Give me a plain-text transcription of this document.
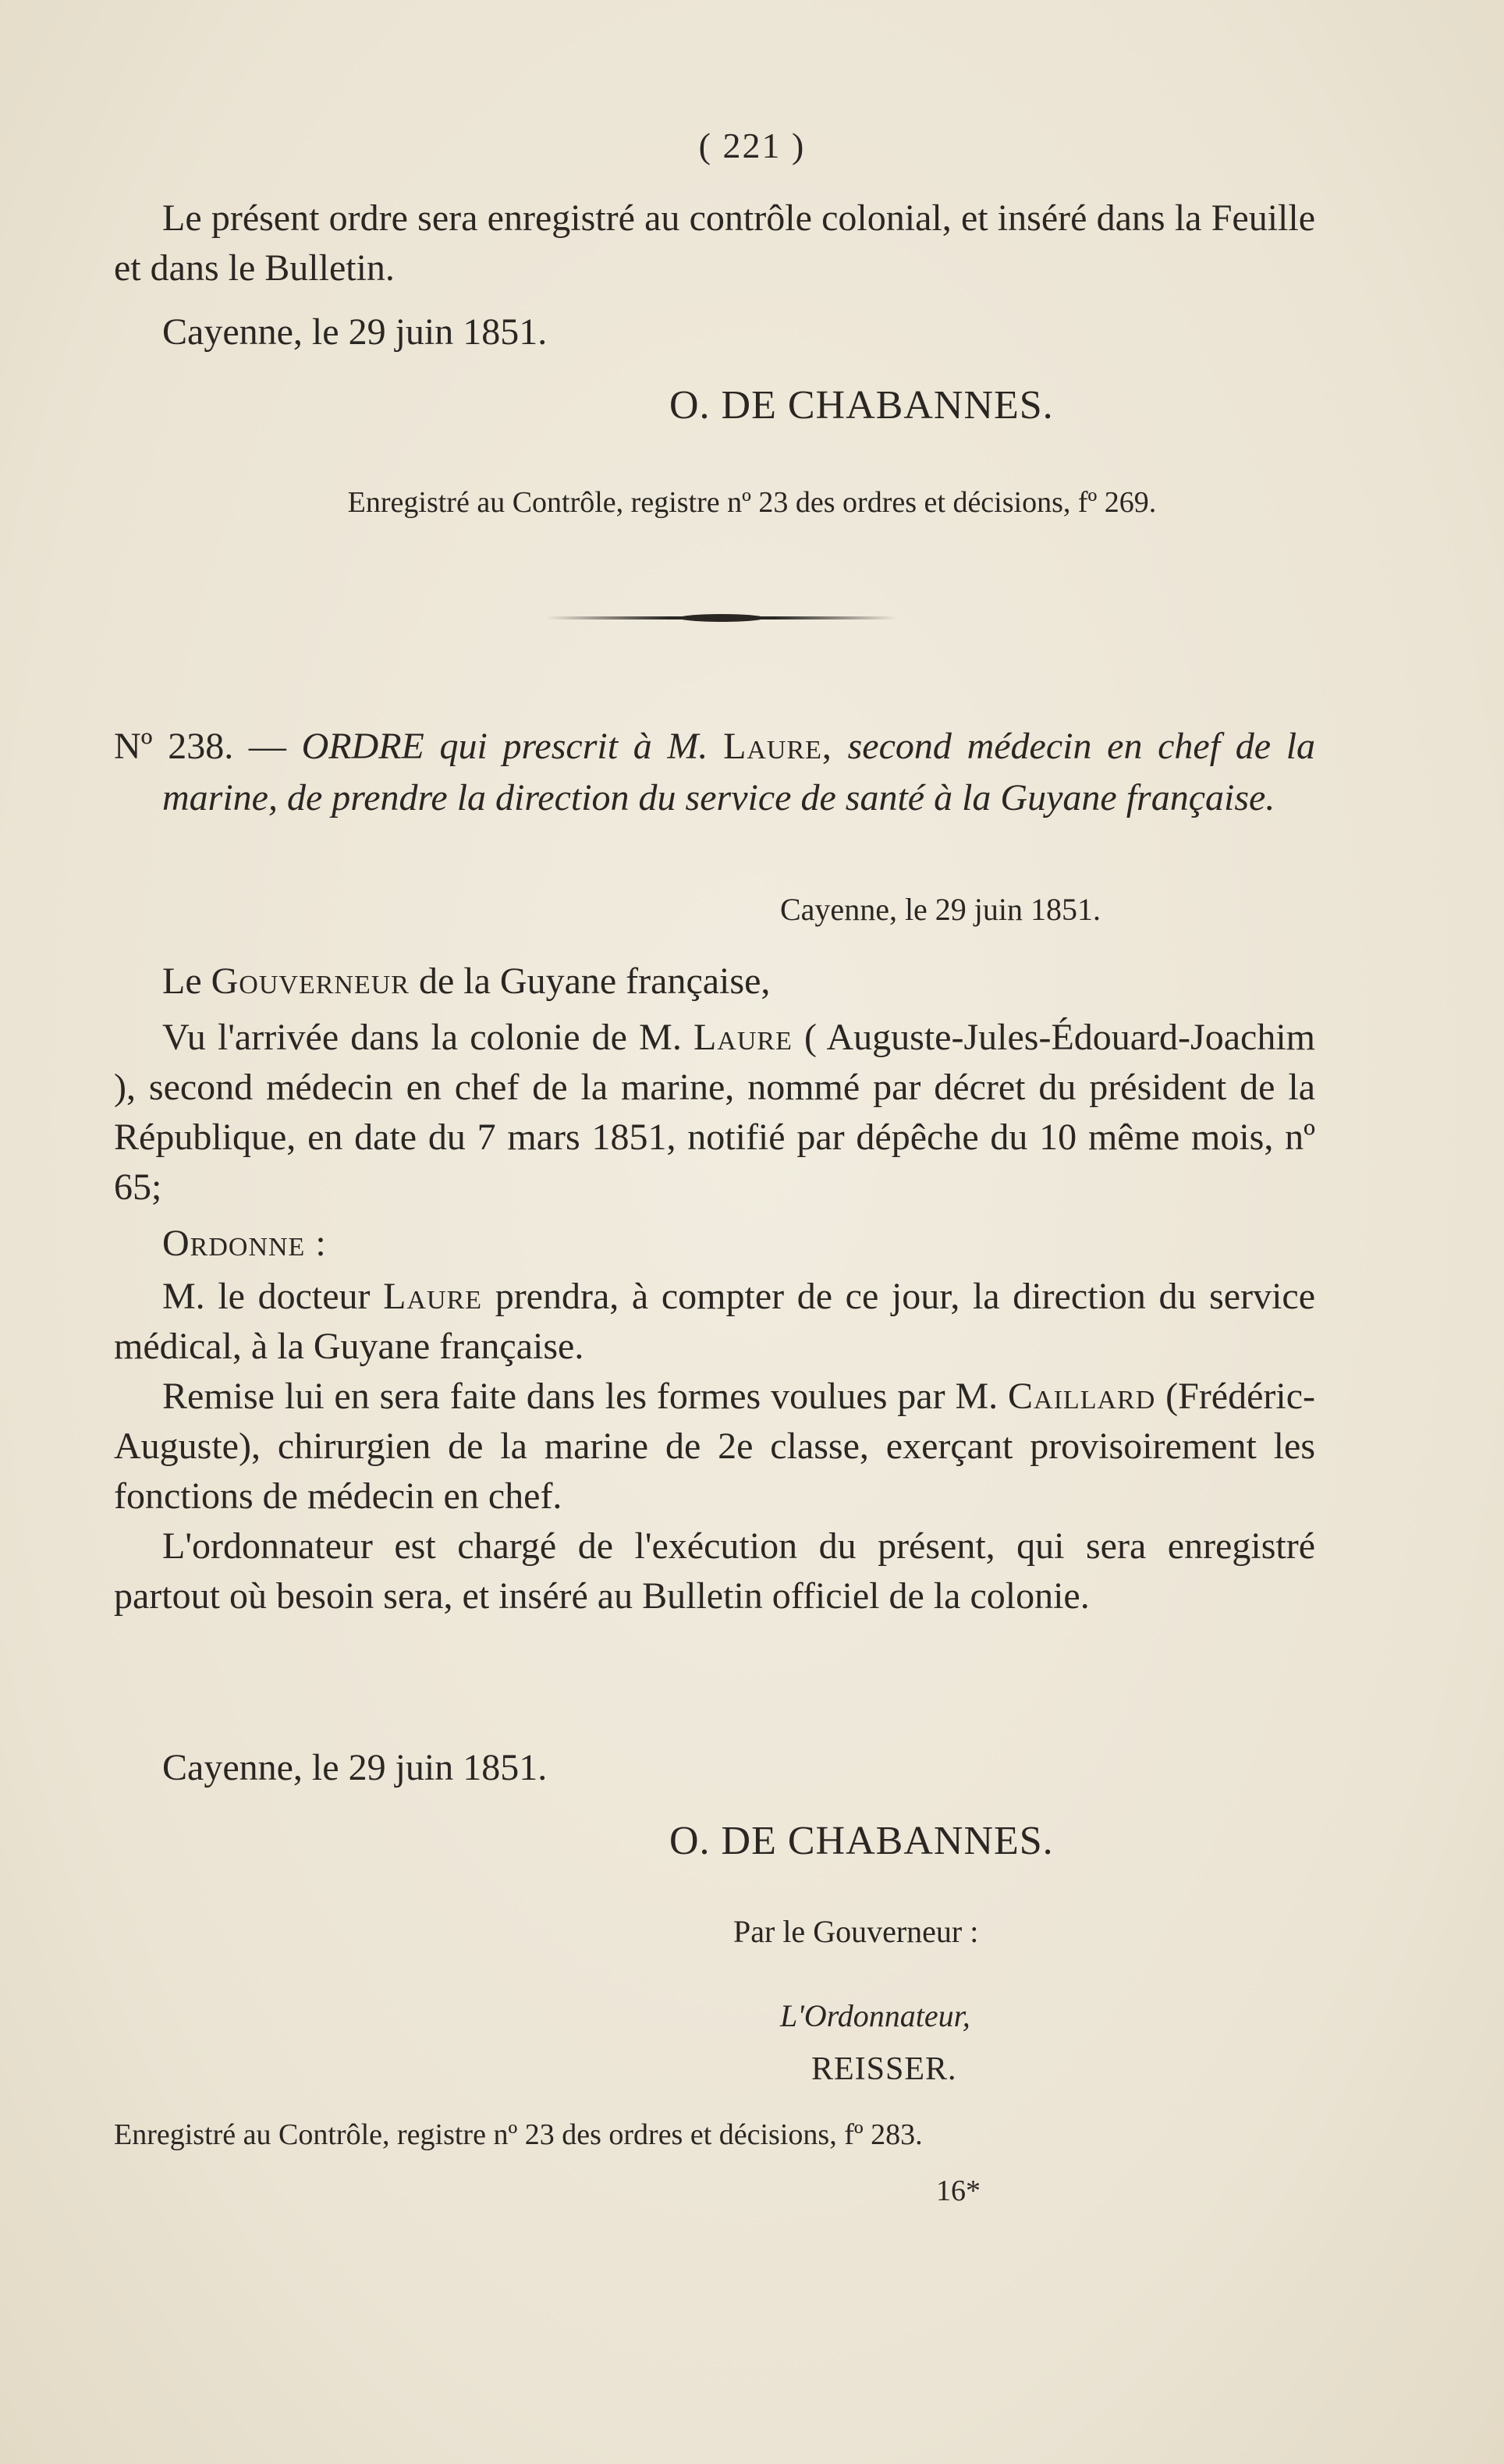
( 221 )

Le présent ordre sera enregistré au contrôle colonial, et inséré dans la Feuille et dans le Bulletin.

Cayenne, le 29 juin 1851.

O. DE CHABANNES.
Enregistré au Contrôle, registre nº 23 des ordres et décisions, fº 269.

Nº 238. — ORDRE qui prescrit à M. Laure, second médecin en chef de la marine, de prendre la direction du service de santé à la Guyane française.

Cayenne, le 29 juin 1851.

Le Gouverneur de la Guyane française,

Vu l'arrivée dans la colonie de M. Laure ( Auguste-Jules-Édouard-Joachim ), second médecin en chef de la marine, nommé par décret du président de la République, en date du 7 mars 1851, notifié par dépêche du 10 même mois, nº 65;

Ordonne :

M. le docteur Laure prendra, à compter de ce jour, la direction du service médical, à la Guyane française.

Remise lui en sera faite dans les formes voulues par M. Caillard (Frédéric-Auguste), chirurgien de la marine de 2e classe, exerçant provisoirement les fonctions de médecin en chef.

L'ordonnateur est chargé de l'exécution du présent, qui sera enregistré partout où besoin sera, et inséré au Bulletin officiel de la colonie.

Cayenne, le 29 juin 1851.

O. DE CHABANNES.
Par le Gouverneur :
L'Ordonnateur,
REISSER.
Enregistré au Contrôle, registre nº 23 des ordres et décisions, fº 283.
16*
